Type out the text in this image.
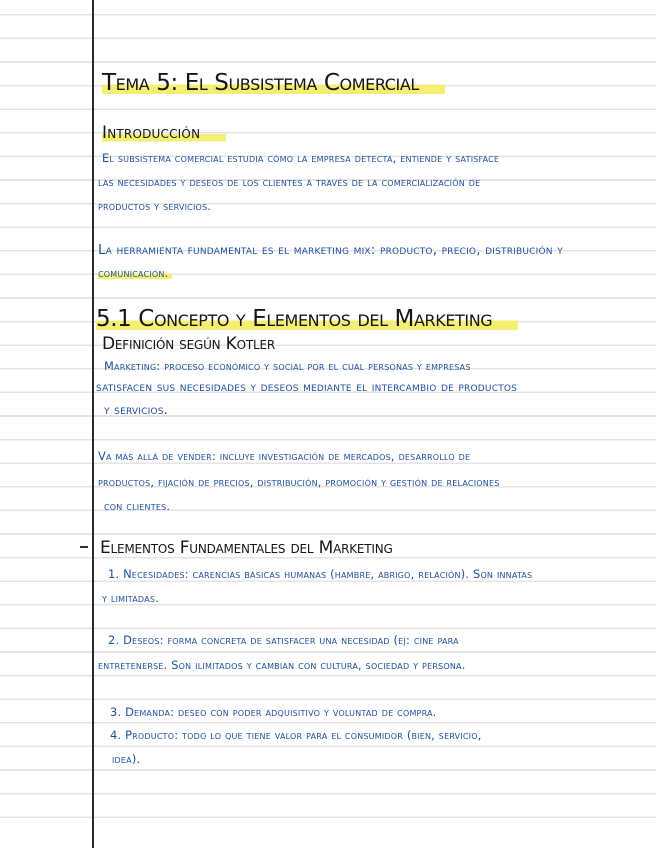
Tema 5: El Subsistema Comercial
Introducción
El subsistema comercial estudia cómo la empresa detecta, entiende y satisface
las necesidades y deseos de los clientes a través de la comercialización de
productos y servicios.
La herramienta fundamental es el marketing mix: producto, precio, distribución y
comunicación.
5.1 Concepto y Elementos del Marketing
Definición según Kotler
Marketing: proceso económico y social por el cual personas y empresas
satisfacen sus necesidades y deseos mediante el intercambio de productos
y servicios.
Va más allá de vender: incluye investigación de mercados, desarrollo de
productos, fijación de precios, distribución, promoción y gestión de relaciones
con clientes.
Elementos Fundamentales del Marketing
1. Necesidades: carencias básicas humanas (hambre, abrigo, relación). Son innatas
y limitadas.
2. Deseos: forma concreta de satisfacer una necesidad (ej: cine para
entretenerse. Son ilimitados y cambian con cultura, sociedad y persona.
3. Demanda: deseo con poder adquisitivo y voluntad de compra.
4. Producto: todo lo que tiene valor para el consumidor (bien, servicio,
idea).
